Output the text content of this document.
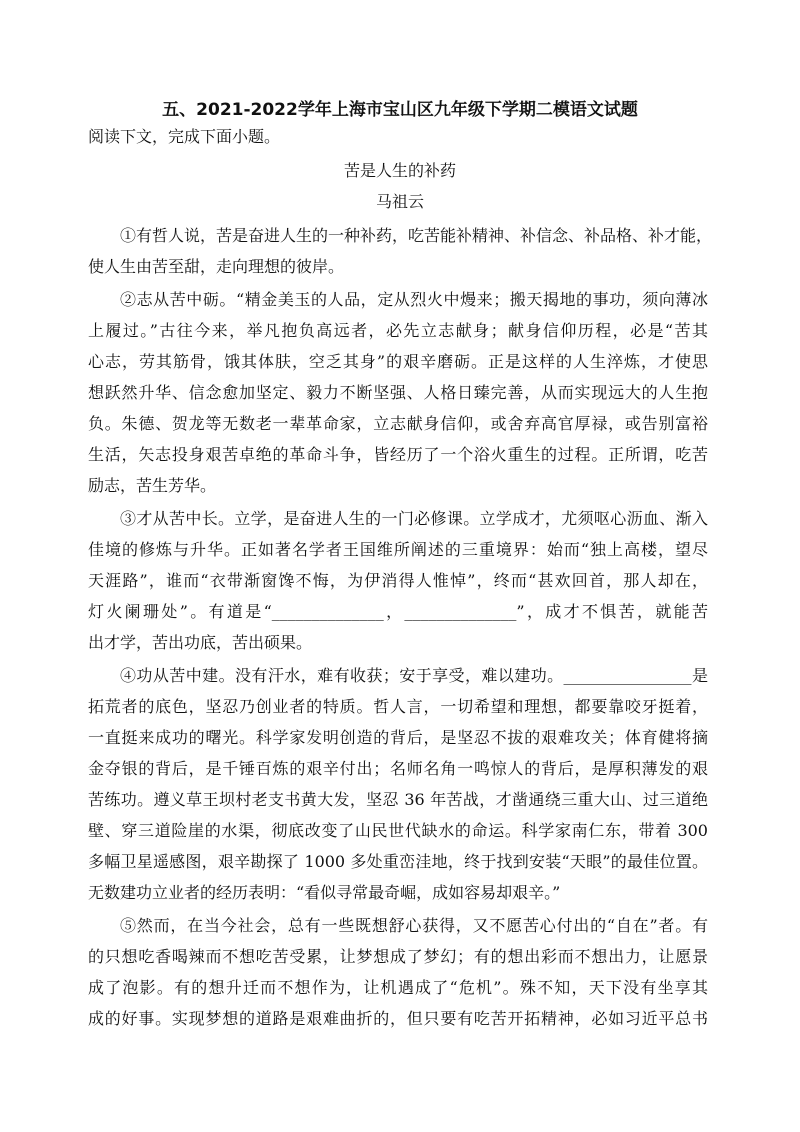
五、2021-2022学年上海市宝山区九年级下学期二模语文试题
阅读下文，完成下面小题。
苦是人生的补药
马祖云
①有哲人说，苦是奋进人生的一种补药，吃苦能补精神、补信念、补品格、补才能，
使人生由苦至甜，走向理想的彼岸。
②志从苦中砺。“精金美玉的人品，定从烈火中熳来；搬天揭地的事功，须向薄冰
上履过。”古往今来，举凡抱负高远者，必先立志献身；献身信仰历程，必是“苦其
心志，劳其筋骨，饿其体肤，空乏其身”的艰辛磨砺。正是这样的人生淬炼，才使思
想跃然升华、信念愈加坚定、毅力不断坚强、人格日臻完善，从而实现远大的人生抱
负。朱德、贺龙等无数老一辈革命家，立志献身信仰，或舍弃高官厚禄，或告别富裕
生活，矢志投身艰苦卓绝的革命斗争，皆经历了一个浴火重生的过程。正所谓，吃苦
励志，苦生芳华。
③才从苦中长。立学，是奋进人生的一门必修课。立学成才，尤须呕心沥血、渐入
佳境的修炼与升华。正如著名学者王国维所阐述的三重境界：始而“独上高楼，望尽
天涯路”，谁而“衣带渐窗馋不悔，为伊消得人惟悼”，终而“甚欢回首，那人却在，
灯火阑珊处”。有道是“______________，______________”，成才不惧苦，就能苦
出才学，苦出功底，苦出硕果。
④功从苦中建。没有汗水，难有收获；安于享受，难以建功。________________是
拓荒者的底色，坚忍乃创业者的特质。哲人言，一切希望和理想，都要靠咬牙挺着，
一直挺来成功的曙光。科学家发明创造的背后，是坚忍不拔的艰难攻关；体育健将摘
金夺银的背后，是千锤百炼的艰辛付出；名师名角一鸣惊人的背后，是厚积薄发的艰
苦练功。遵义草王坝村老支书黄大发，坚忍 36 年苦战，才凿通绕三重大山、过三道绝
壁、穿三道险崖的水渠，彻底改变了山民世代缺水的命运。科学家南仁东，带着 300
多幅卫星遥感图，艰辛勘探了 1000 多处重峦洼地，终于找到安装“天眼”的最佳位置。
无数建功立业者的经历表明：“看似寻常最奇崛，成如容易却艰辛。”
⑤然而，在当今社会，总有一些既想舒心获得，又不愿苦心付出的“自在”者。有
的只想吃香喝辣而不想吃苦受累，让梦想成了梦幻；有的想出彩而不想出力，让愿景
成了泡影。有的想升迁而不想作为，让机遇成了“危机”。殊不知，天下没有坐享其
成的好事。实现梦想的道路是艰难曲折的，但只要有吃苦开拓精神，必如习近平总书
